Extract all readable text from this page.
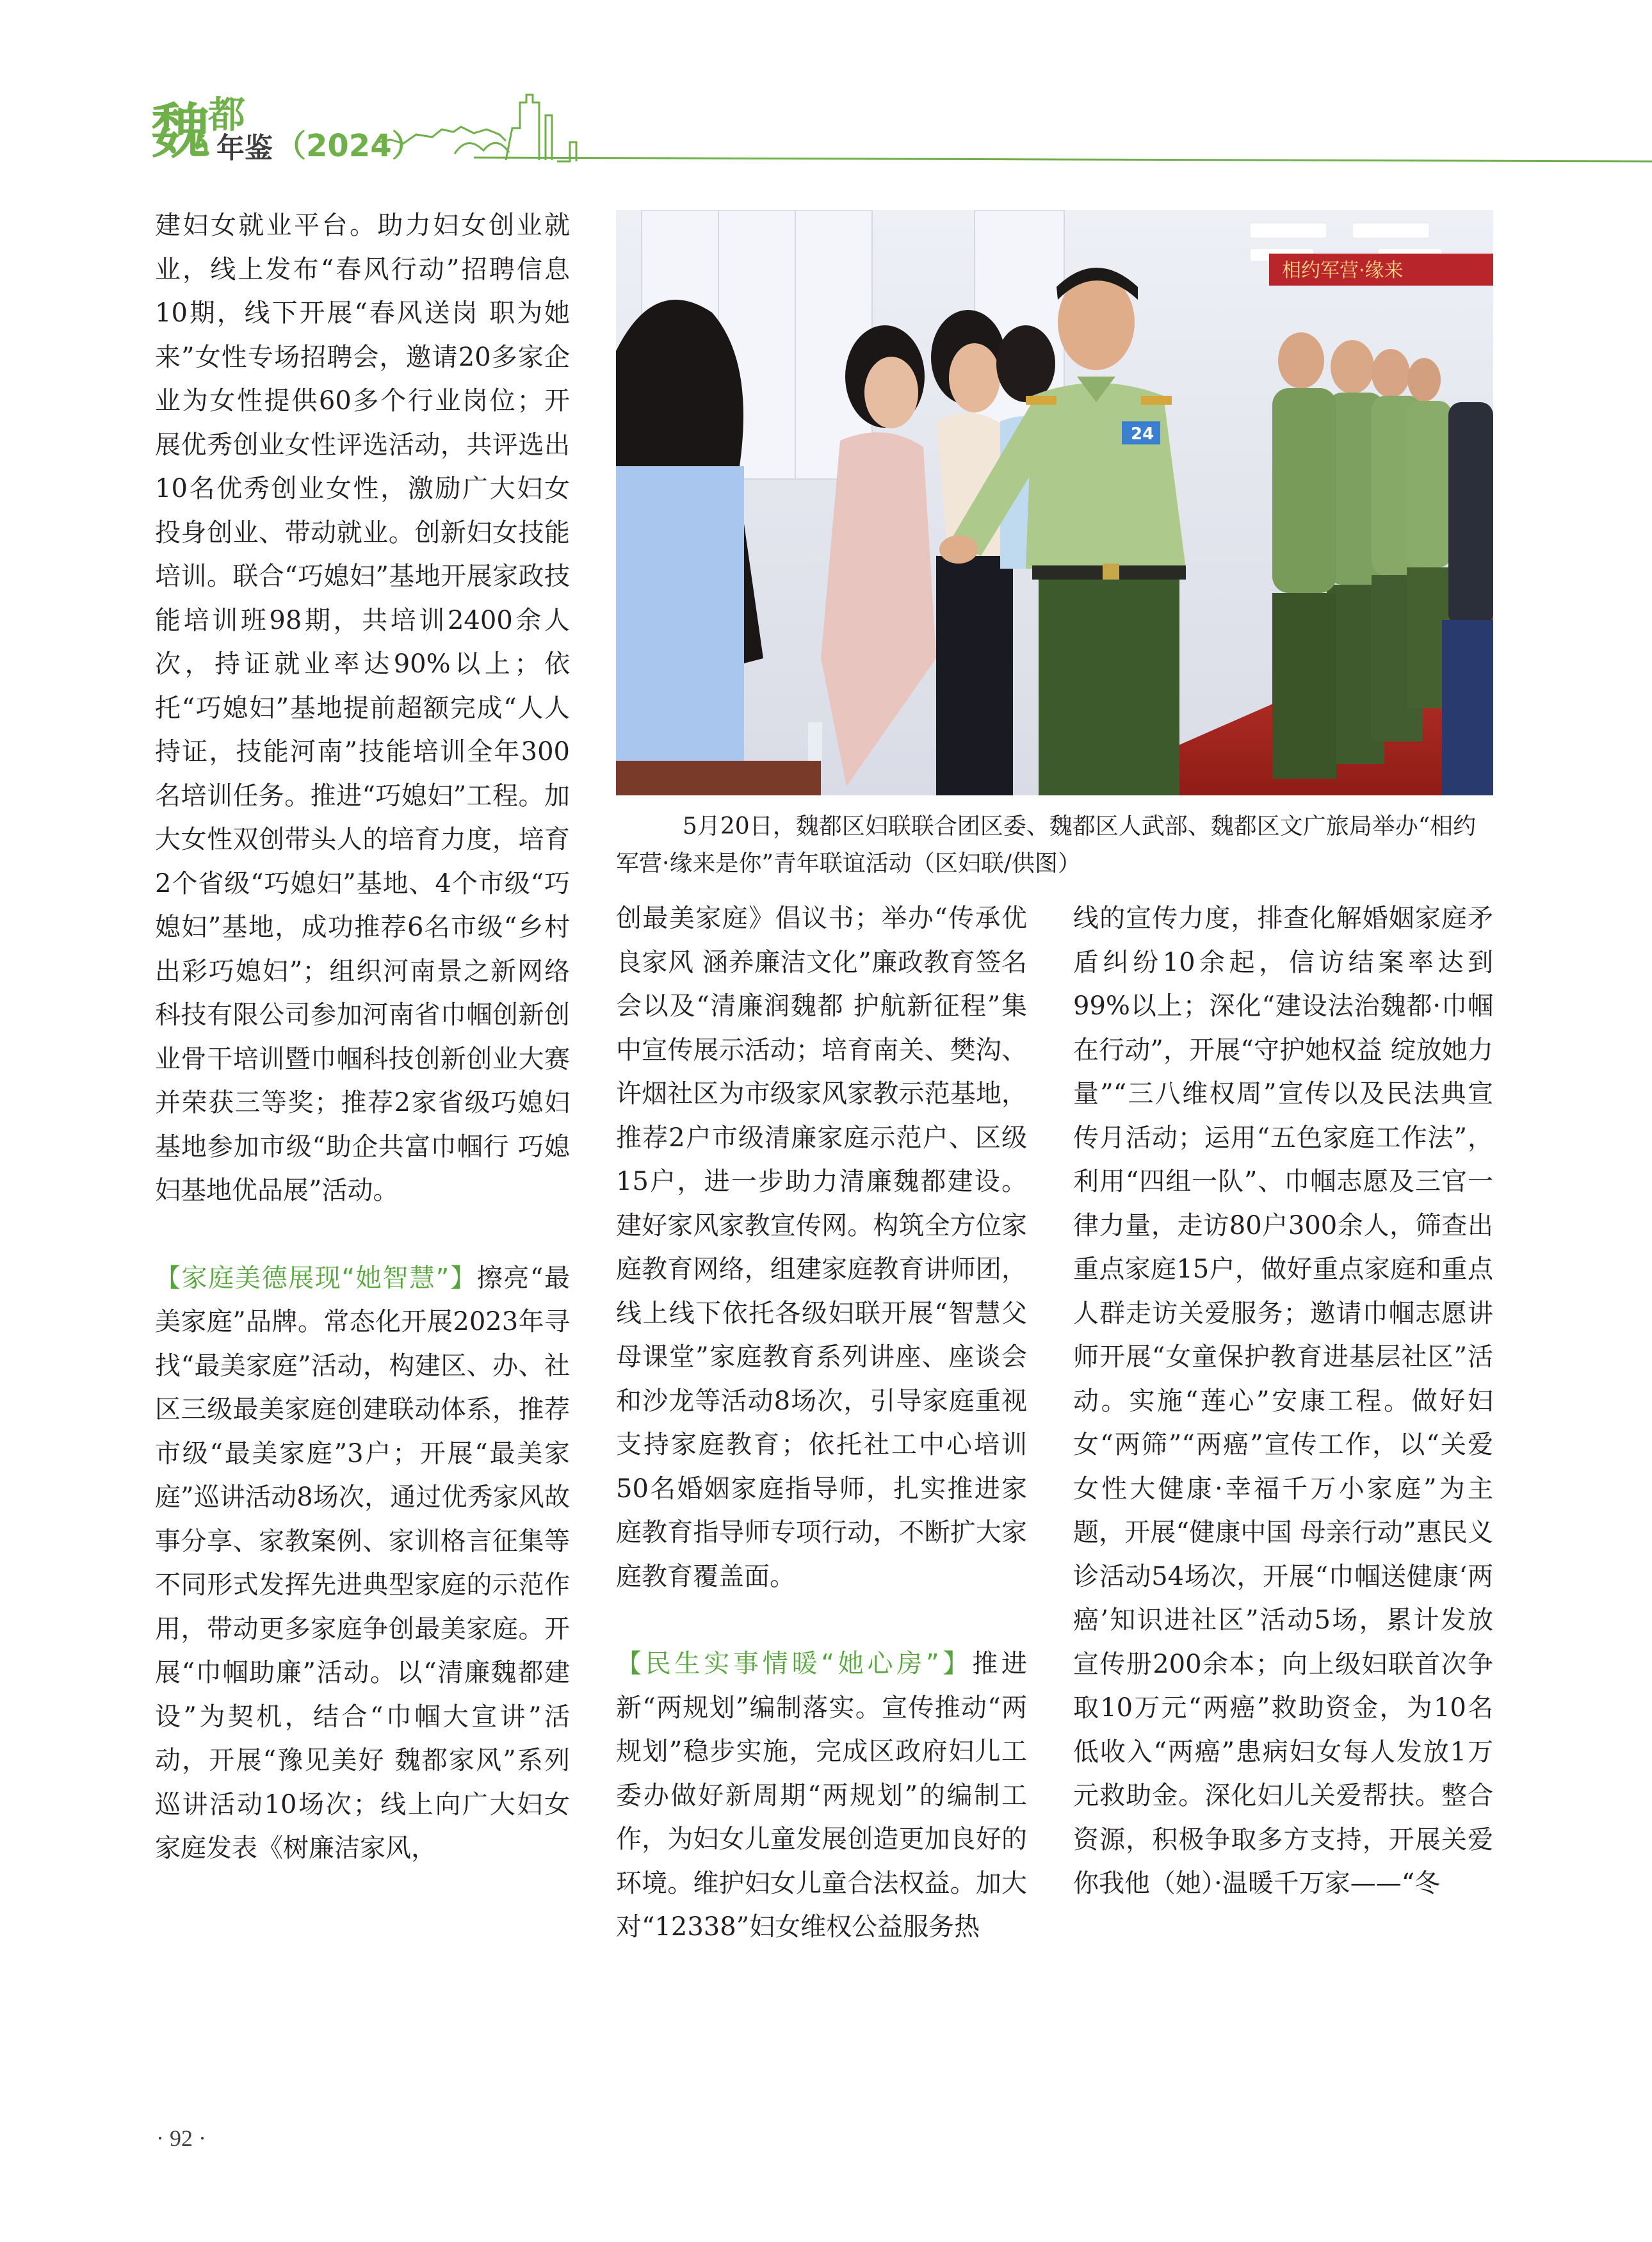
魏
都
年鉴 （2024）

建妇女就业平台。助力妇女创业就业，线上发布“春风行动”招聘信息10期，线下开展“春风送岗 职为她来”女性专场招聘会，邀请20多家企业为女性提供60多个行业岗位；开展优秀创业女性评选活动，共评选出10名优秀创业女性，激励广大妇女投身创业、带动就业。创新妇女技能培训。联合“巧媳妇”基地开展家政技能培训班98期，共培训2400余人次，持证就业率达90%以上；依托“巧媳妇”基地提前超额完成“人人持证，技能河南”技能培训全年300名培训任务。推进“巧媳妇”工程。加大女性双创带头人的培育力度，培育2个省级“巧媳妇”基地、4个市级“巧媳妇”基地，成功推荐6名市级“乡村出彩巧媳妇”；组织河南景之新网络科技有限公司参加河南省巾帼创新创业骨干培训暨巾帼科技创新创业大赛并荣获三等奖；推荐2家省级巧媳妇基地参加市级“助企共富巾帼行 巧媳妇基地优品展”活动。

【家庭美德展现“她智慧”】擦亮“最美家庭”品牌。常态化开展2023年寻找“最美家庭”活动，构建区、办、社区三级最美家庭创建联动体系，推荐市级“最美家庭”3户；开展“最美家庭”巡讲活动8场次，通过优秀家风故事分享、家教案例、家训格言征集等不同形式发挥先进典型家庭的示范作用，带动更多家庭争创最美家庭。开展“巾帼助廉”活动。以“清廉魏都建设”为契机，结合“巾帼大宣讲”活动，开展“豫见美好 魏都家风”系列巡讲活动10场次；线上向广大妇女家庭发表《树廉洁家风，

相约军营·缘来
24

5月20日，魏都区妇联联合团区委、魏都区人武部、魏都区文广旅局举办“相约军营·缘来是你”青年联谊活动（区妇联/供图）

创最美家庭》倡议书；举办“传承优良家风 涵养廉洁文化”廉政教育签名会以及“清廉润魏都 护航新征程”集中宣传展示活动；培育南关、樊沟、许烟社区为市级家风家教示范基地，推荐2户市级清廉家庭示范户、区级15户，进一步助力清廉魏都建设。建好家风家教宣传网。构筑全方位家庭教育网络，组建家庭教育讲师团，线上线下依托各级妇联开展“智慧父母课堂”家庭教育系列讲座、座谈会和沙龙等活动8场次，引导家庭重视支持家庭教育；依托社工中心培训50名婚姻家庭指导师，扎实推进家庭教育指导师专项行动，不断扩大家庭教育覆盖面。

【民生实事情暖“她心房”】推进新“两规划”编制落实。宣传推动“两规划”稳步实施，完成区政府妇儿工委办做好新周期“两规划”的编制工作，为妇女儿童发展创造更加良好的环境。维护妇女儿童合法权益。加大对“12338”妇女维权公益服务热

线的宣传力度，排查化解婚姻家庭矛盾纠纷10余起，信访结案率达到99%以上；深化“建设法治魏都·巾帼在行动”，开展“守护她权益 绽放她力量”“三八维权周”宣传以及民法典宣传月活动；运用“五色家庭工作法”，利用“四组一队”、巾帼志愿及三官一律力量，走访80户300余人，筛查出重点家庭15户，做好重点家庭和重点人群走访关爱服务；邀请巾帼志愿讲师开展“女童保护教育进基层社区”活动。实施“莲心”安康工程。做好妇女“两筛”“两癌”宣传工作，以“关爱女性大健康·幸福千万小家庭”为主题，开展“健康中国 母亲行动”惠民义诊活动54场次，开展“巾帼送健康‘两癌’知识进社区”活动5场，累计发放宣传册200余本；向上级妇联首次争取10万元“两癌”救助资金，为10名低收入“两癌”患病妇女每人发放1万元救助金。深化妇儿关爱帮扶。整合资源，积极争取多方支持，开展关爱你我他（她）·温暖千万家——“冬

· 92 ·
